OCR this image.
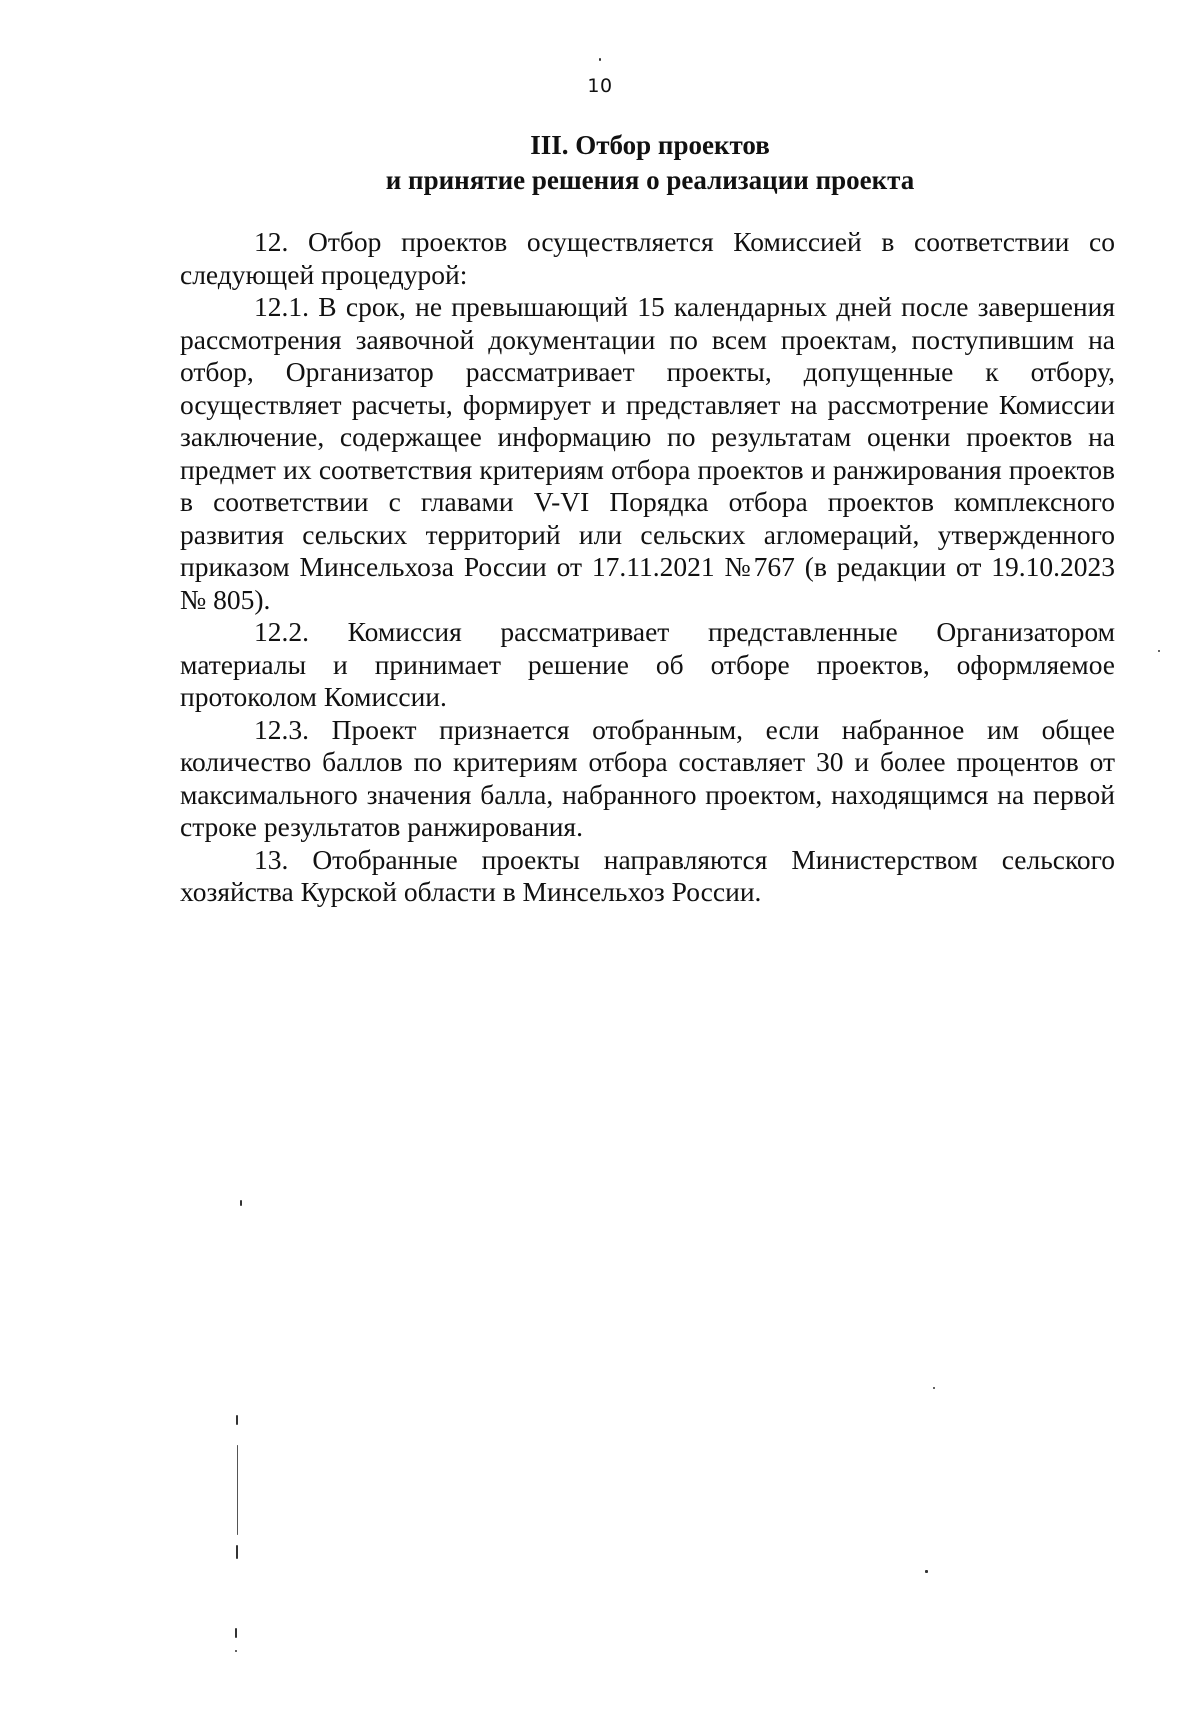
10
III. Отбор проектов
и принятие решения о реализации проекта

12. Отбор проектов осуществляется Комиссией в соответствии со следующей процедурой:

12.1. В срок, не превышающий 15 календарных дней после завершения рассмотрения заявочной документации по всем проектам, поступившим на отбор, Организатор рассматривает проекты, допущенные к отбору, осуществляет расчеты, формирует и представляет на рассмотрение Комиссии заключение, содержащее информацию по результатам оценки проектов на предмет их соответствия критериям отбора проектов и ранжирования проектов в соответствии с главами V-VI Порядка отбора проектов комплексного развития сельских территорий или сельских агломераций, утвержденного приказом Минсельхоза России от 17.11.2021 №767 (в редакции от 19.10.2023 № 805).

12.2. Комиссия рассматривает представленные Организатором материалы и принимает решение об отборе проектов, оформляемое протоколом Комиссии.

12.3. Проект признается отобранным, если набранное им общее количество баллов по критериям отбора составляет 30 и более процентов от максимального значения балла, набранного проектом, находящимся на первой строке результатов ранжирования.

13. Отобранные проекты направляются Министерством сельского хозяйства Курской области в Минсельхоз России.
